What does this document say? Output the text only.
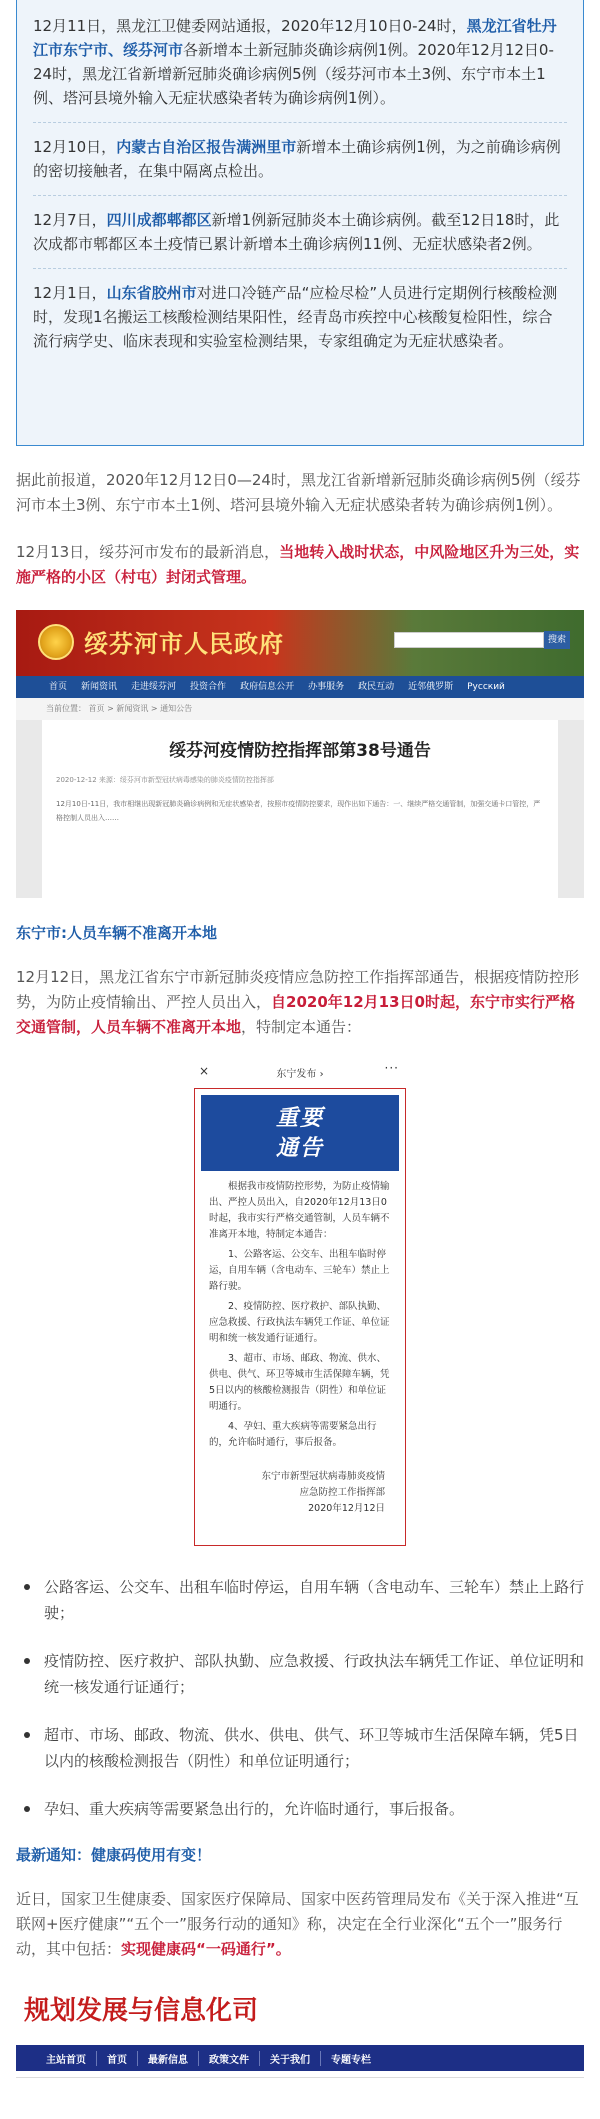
12月11日，黑龙江卫健委网站通报，2020年12月10日0-24时，黑龙江省牡丹江市东宁市、绥芬河市各新增本土新冠肺炎确诊病例1例。2020年12月12日0-24时，黑龙江省新增新冠肺炎确诊病例5例（绥芬河市本土3例、东宁市本土1例、塔河县境外输入无症状感染者转为确诊病例1例）。

12月10日，内蒙古自治区报告满洲里市新增本土确诊病例1例，为之前确诊病例的密切接触者，在集中隔离点检出。

12月7日，四川成都郫都区新增1例新冠肺炎本土确诊病例。截至12日18时，此次成都市郫都区本土疫情已累计新增本土确诊病例11例、无症状感染者2例。

12月1日，山东省胶州市对进口冷链产品“应检尽检”人员进行定期例行核酸检测时，发现1名搬运工核酸检测结果阳性，经青岛市疾控中心核酸复检阳性，综合流行病学史、临床表现和实验室检测结果，专家组确定为无症状感染者。

据此前报道，2020年12月12日0—24时，黑龙江省新增新冠肺炎确诊病例5例（绥芬河市本土3例、东宁市本土1例、塔河县境外输入无症状感染者转为确诊病例1例）。

12月13日，绥芬河市发布的最新消息，当地转入战时状态，中风险地区升为三处，实施严格的小区（村屯）封闭式管理。

绥芬河市人民政府	搜索
首页	新闻资讯	走进绥芬河	投资合作	政府信息公开	办事服务	政民互动	近邻俄罗斯	Русский
当前位置： 首页 > 新闻资讯 > 通知公告
绥芬河疫情防控指挥部第38号通告
2020-12-12 来源：绥芬河市新型冠状病毒感染的肺炎疫情防控指挥部
12月10日-11日，我市相继出现新冠肺炎确诊病例和无症状感染者，按照市疫情防控要求，现作出如下通告：一、继续严格交通管制，加强交通卡口管控，严格控制人员出入……
东宁市:人员车辆不准离开本地

12月12日，黑龙江省东宁市新冠肺炎疫情应急防控工作指挥部通告，根据疫情防控形势，为防止疫情输出、严控人员出入，自2020年12月13日0时起，东宁市实行严格交通管制，人员车辆不准离开本地，特制定本通告：

×	东宁发布 ›	···
重要
通告

根据我市疫情防控形势，为防止疫情输出、严控人员出入，自2020年12月13日0时起，我市实行严格交通管制，人员车辆不准离开本地，特制定本通告：

1、公路客运、公交车、出租车临时停运，自用车辆（含电动车、三轮车）禁止上路行驶。

2、疫情防控、医疗救护、部队执勤、应急救援、行政执法车辆凭工作证、单位证明和统一核发通行证通行。

3、超市、市场、邮政、物流、供水、供电、供气、环卫等城市生活保障车辆，凭5日以内的核酸检测报告（阴性）和单位证明通行。

4、孕妇、重大疾病等需要紧急出行的，允许临时通行，事后报备。

东宁市新型冠状病毒肺炎疫情
应急防控工作指挥部
2020年12月12日
公路客运、公交车、出租车临时停运，自用车辆（含电动车、三轮车）禁止上路行驶；
疫情防控、医疗救护、部队执勤、应急救援、行政执法车辆凭工作证、单位证明和统一核发通行证通行；
超市、市场、邮政、物流、供水、供电、供气、环卫等城市生活保障车辆，凭5日以内的核酸检测报告（阴性）和单位证明通行；
孕妇、重大疾病等需要紧急出行的，允许临时通行，事后报备。
最新通知：健康码使用有变！

近日，国家卫生健康委、国家医疗保障局、国家中医药管理局发布《关于深入推进“互联网+医疗健康”“五个一”服务行动的通知》称，决定在全行业深化“五个一”服务行动，其中包括：实现健康码“一码通行”。

规划发展与信息化司
主站首页	首页	最新信息	政策文件	关于我们	专题专栏
